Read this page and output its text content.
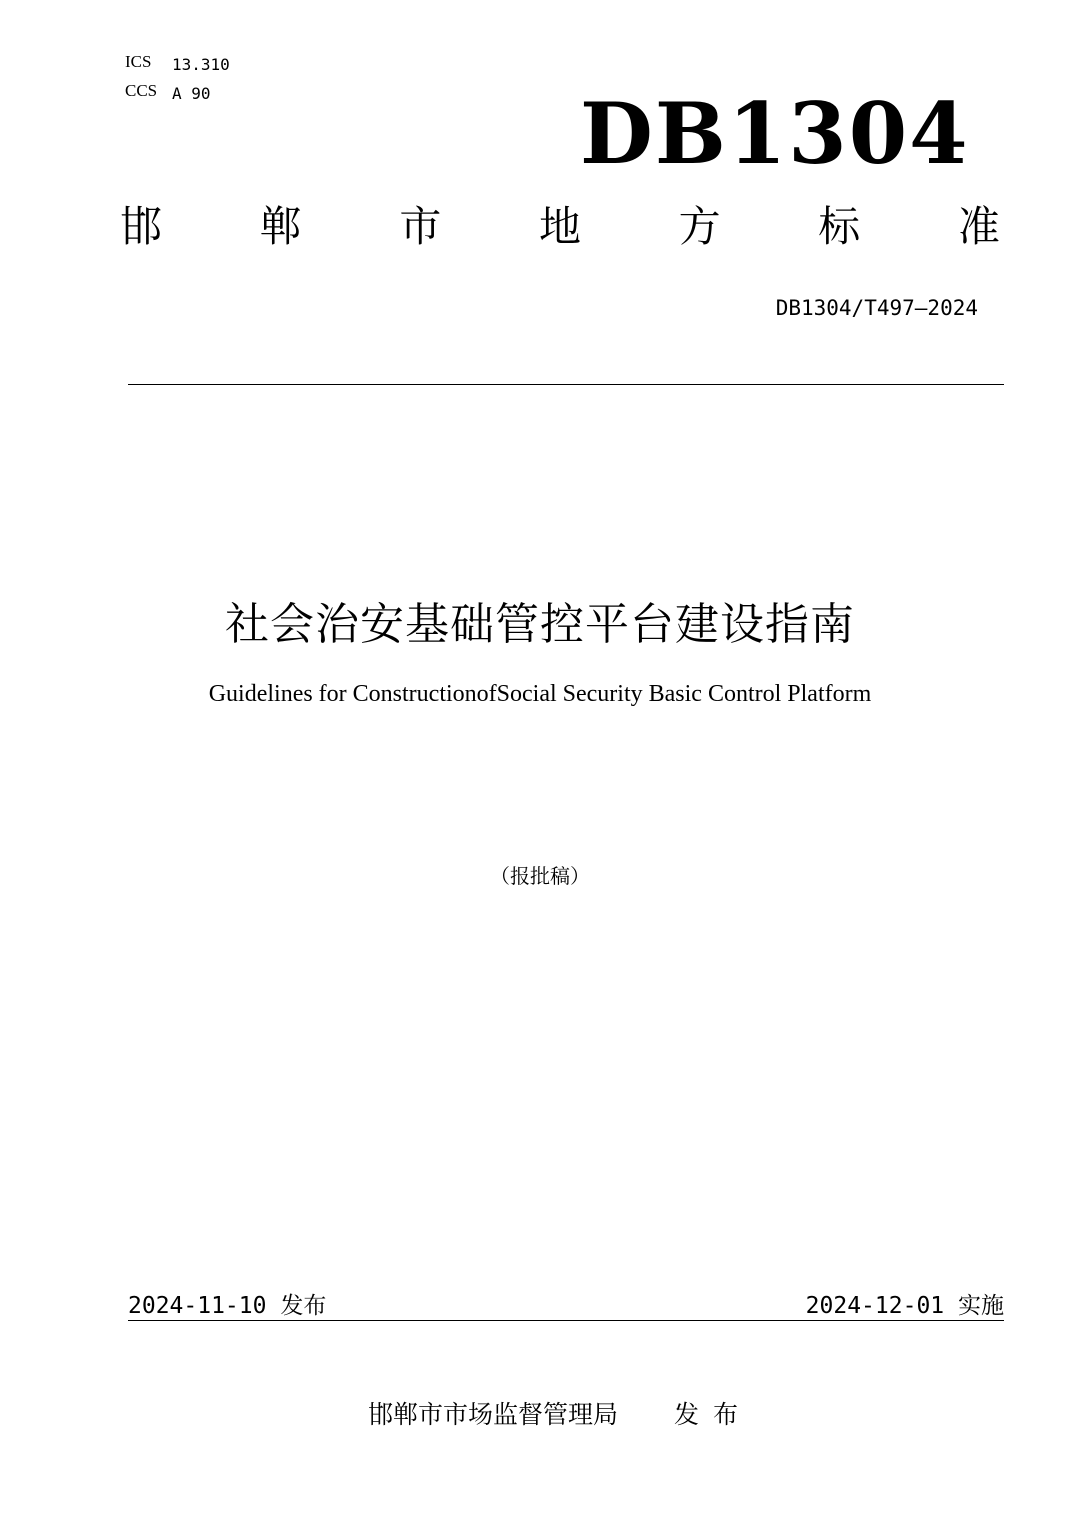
ICS 13.310
CCS A 90	DB1304
邯 郸 市 地 方 标 准
DB1304/T497—2024
社会治安基础管控平台建设指南
Guidelines for ConstructionofSocial Security Basic Control Platform
（报批稿）
2024-11-10 发布	2024-12-01 实施
邯郸市市场监督管理局 发布
